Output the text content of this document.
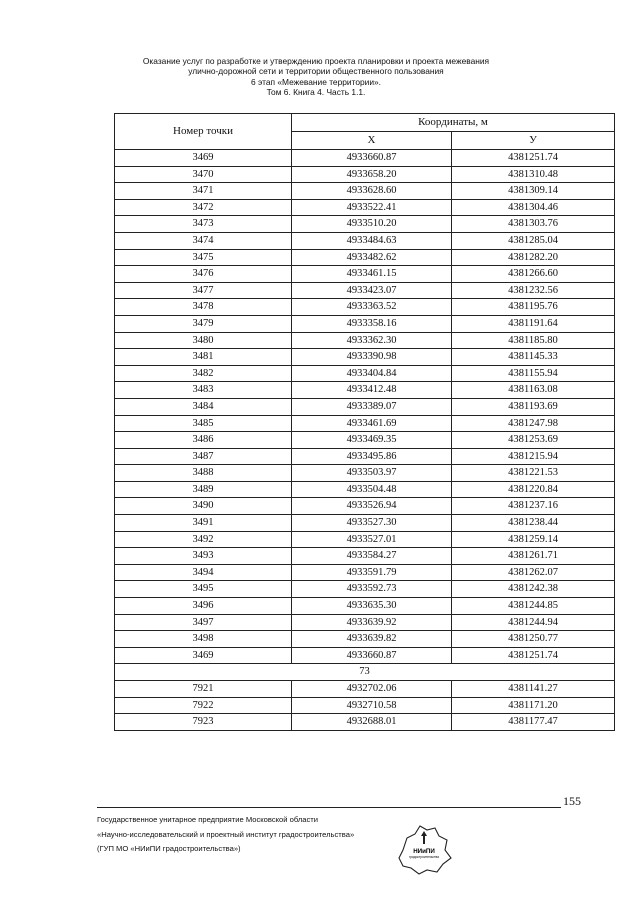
Оказание услуг по разработке и утверждению проекта планировки и проекта межевания
улично-дорожной сети и территории общественного пользования
6 этап «Межевание территории».
Том 6. Книга 4. Часть 1.1.
Номер точки	Координаты, м	
	X	У
3469	4933660.87	4381251.74
3470	4933658.20	4381310.48
3471	4933628.60	4381309.14
3472	4933522.41	4381304.46
3473	4933510.20	4381303.76
3474	4933484.63	4381285.04
3475	4933482.62	4381282.20
3476	4933461.15	4381266.60
3477	4933423.07	4381232.56
3478	4933363.52	4381195.76
3479	4933358.16	4381191.64
3480	4933362.30	4381185.80
3481	4933390.98	4381145.33
3482	4933404.84	4381155.94
3483	4933412.48	4381163.08
3484	4933389.07	4381193.69
3485	4933461.69	4381247.98
3486	4933469.35	4381253.69
3487	4933495.86	4381215.94
3488	4933503.97	4381221.53
3489	4933504.48	4381220.84
3490	4933526.94	4381237.16
3491	4933527.30	4381238.44
3492	4933527.01	4381259.14
3493	4933584.27	4381261.71
3494	4933591.79	4381262.07
3495	4933592.73	4381242.38
3496	4933635.30	4381244.85
3497	4933639.92	4381244.94
3498	4933639.82	4381250.77
3469	4933660.87	4381251.74
73		
7921	4932702.06	4381141.27
7922	4932710.58	4381171.20
7923	4932688.01	4381177.47
155
Государственное унитарное предприятие Московской области
«Научно-исследовательский и проектный институт градостроительства»
(ГУП МО «НИиПИ градостроительства»)	НИиПИ
градостроительства
